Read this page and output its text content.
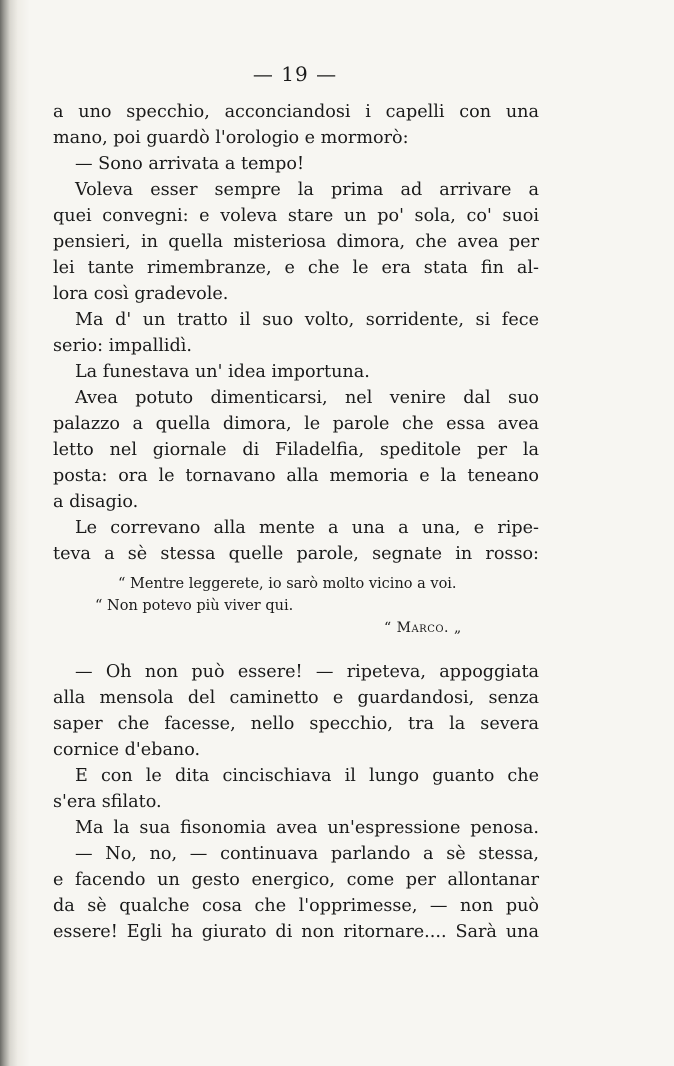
— 19 —
a uno specchio, acconciandosi i capelli con una
mano, poi guardò l'orologio e mormorò:
— Sono arrivata a tempo!
Voleva esser sempre la prima ad arrivare a
quei convegni: e voleva stare un po' sola, co' suoi
pensieri, in quella misteriosa dimora, che avea per
lei tante rimembranze, e che le era stata fin al-
lora così gradevole.
Ma d' un tratto il suo volto, sorridente, si fece
serio: impallidì.
La funestava un' idea importuna.
Avea potuto dimenticarsi, nel venire dal suo
palazzo a quella dimora, le parole che essa avea
letto nel giornale di Filadelfia, speditole per la
posta: ora le tornavano alla memoria e la teneano
a disagio.
Le correvano alla mente a una a una, e ripe-
teva a sè stessa quelle parole, segnate in rosso:
“ Mentre leggerete, io sarò molto vicino a voi.
“ Non potevo più viver qui.
“ Marco. „
— Oh non può essere! — ripeteva, appoggiata
alla mensola del caminetto e guardandosi, senza
saper che facesse, nello specchio, tra la severa
cornice d'ebano.
E con le dita cincischiava il lungo guanto che
s'era sfilato.
Ma la sua fisonomia avea un'espressione penosa.
— No, no, — continuava parlando a sè stessa,
e facendo un gesto energico, come per allontanar
da sè qualche cosa che l'opprimesse, — non può
essere! Egli ha giurato di non ritornare.... Sarà una
